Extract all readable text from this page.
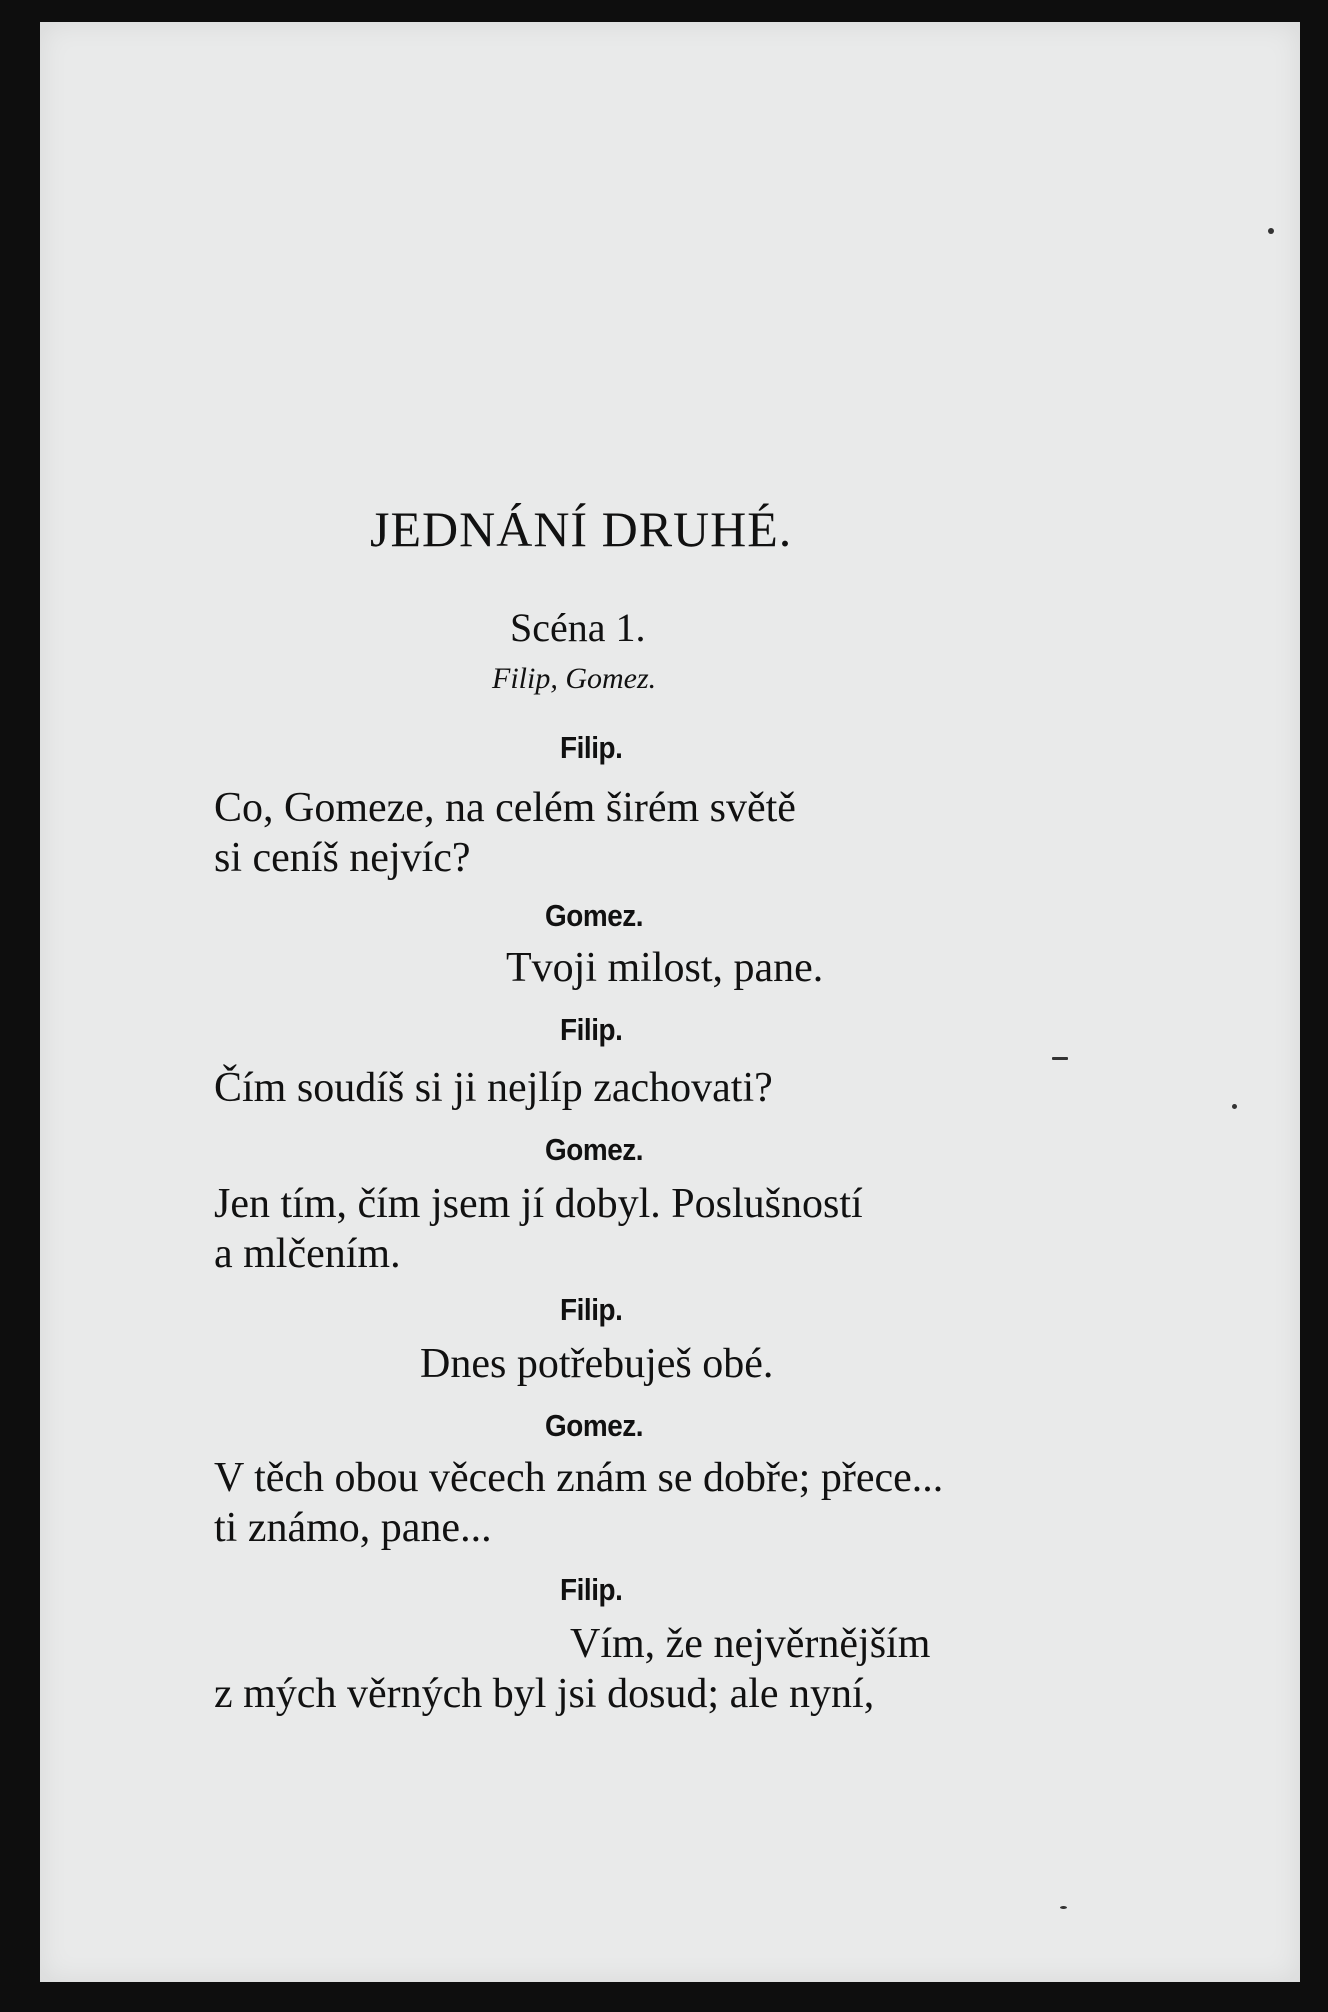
JEDNÁNÍ DRUHÉ.
Scéna 1.
Filip, Gomez.
Filip.
Co, Gomeze, na celém širém světě
si ceníš nejvíc?
Gomez.
Tvoji milost, pane.
Filip.
Čím soudíš si ji nejlíp zachovati?
Gomez.
Jen tím, čím jsem jí dobyl. Poslušností
a mlčením.
Filip.
Dnes potřebuješ obé.
Gomez.
V těch obou věcech znám se dobře; přece...
ti známo, pane...
Filip.
Vím, že nejvěrnějším
z mých věrných byl jsi dosud; ale nyní,
